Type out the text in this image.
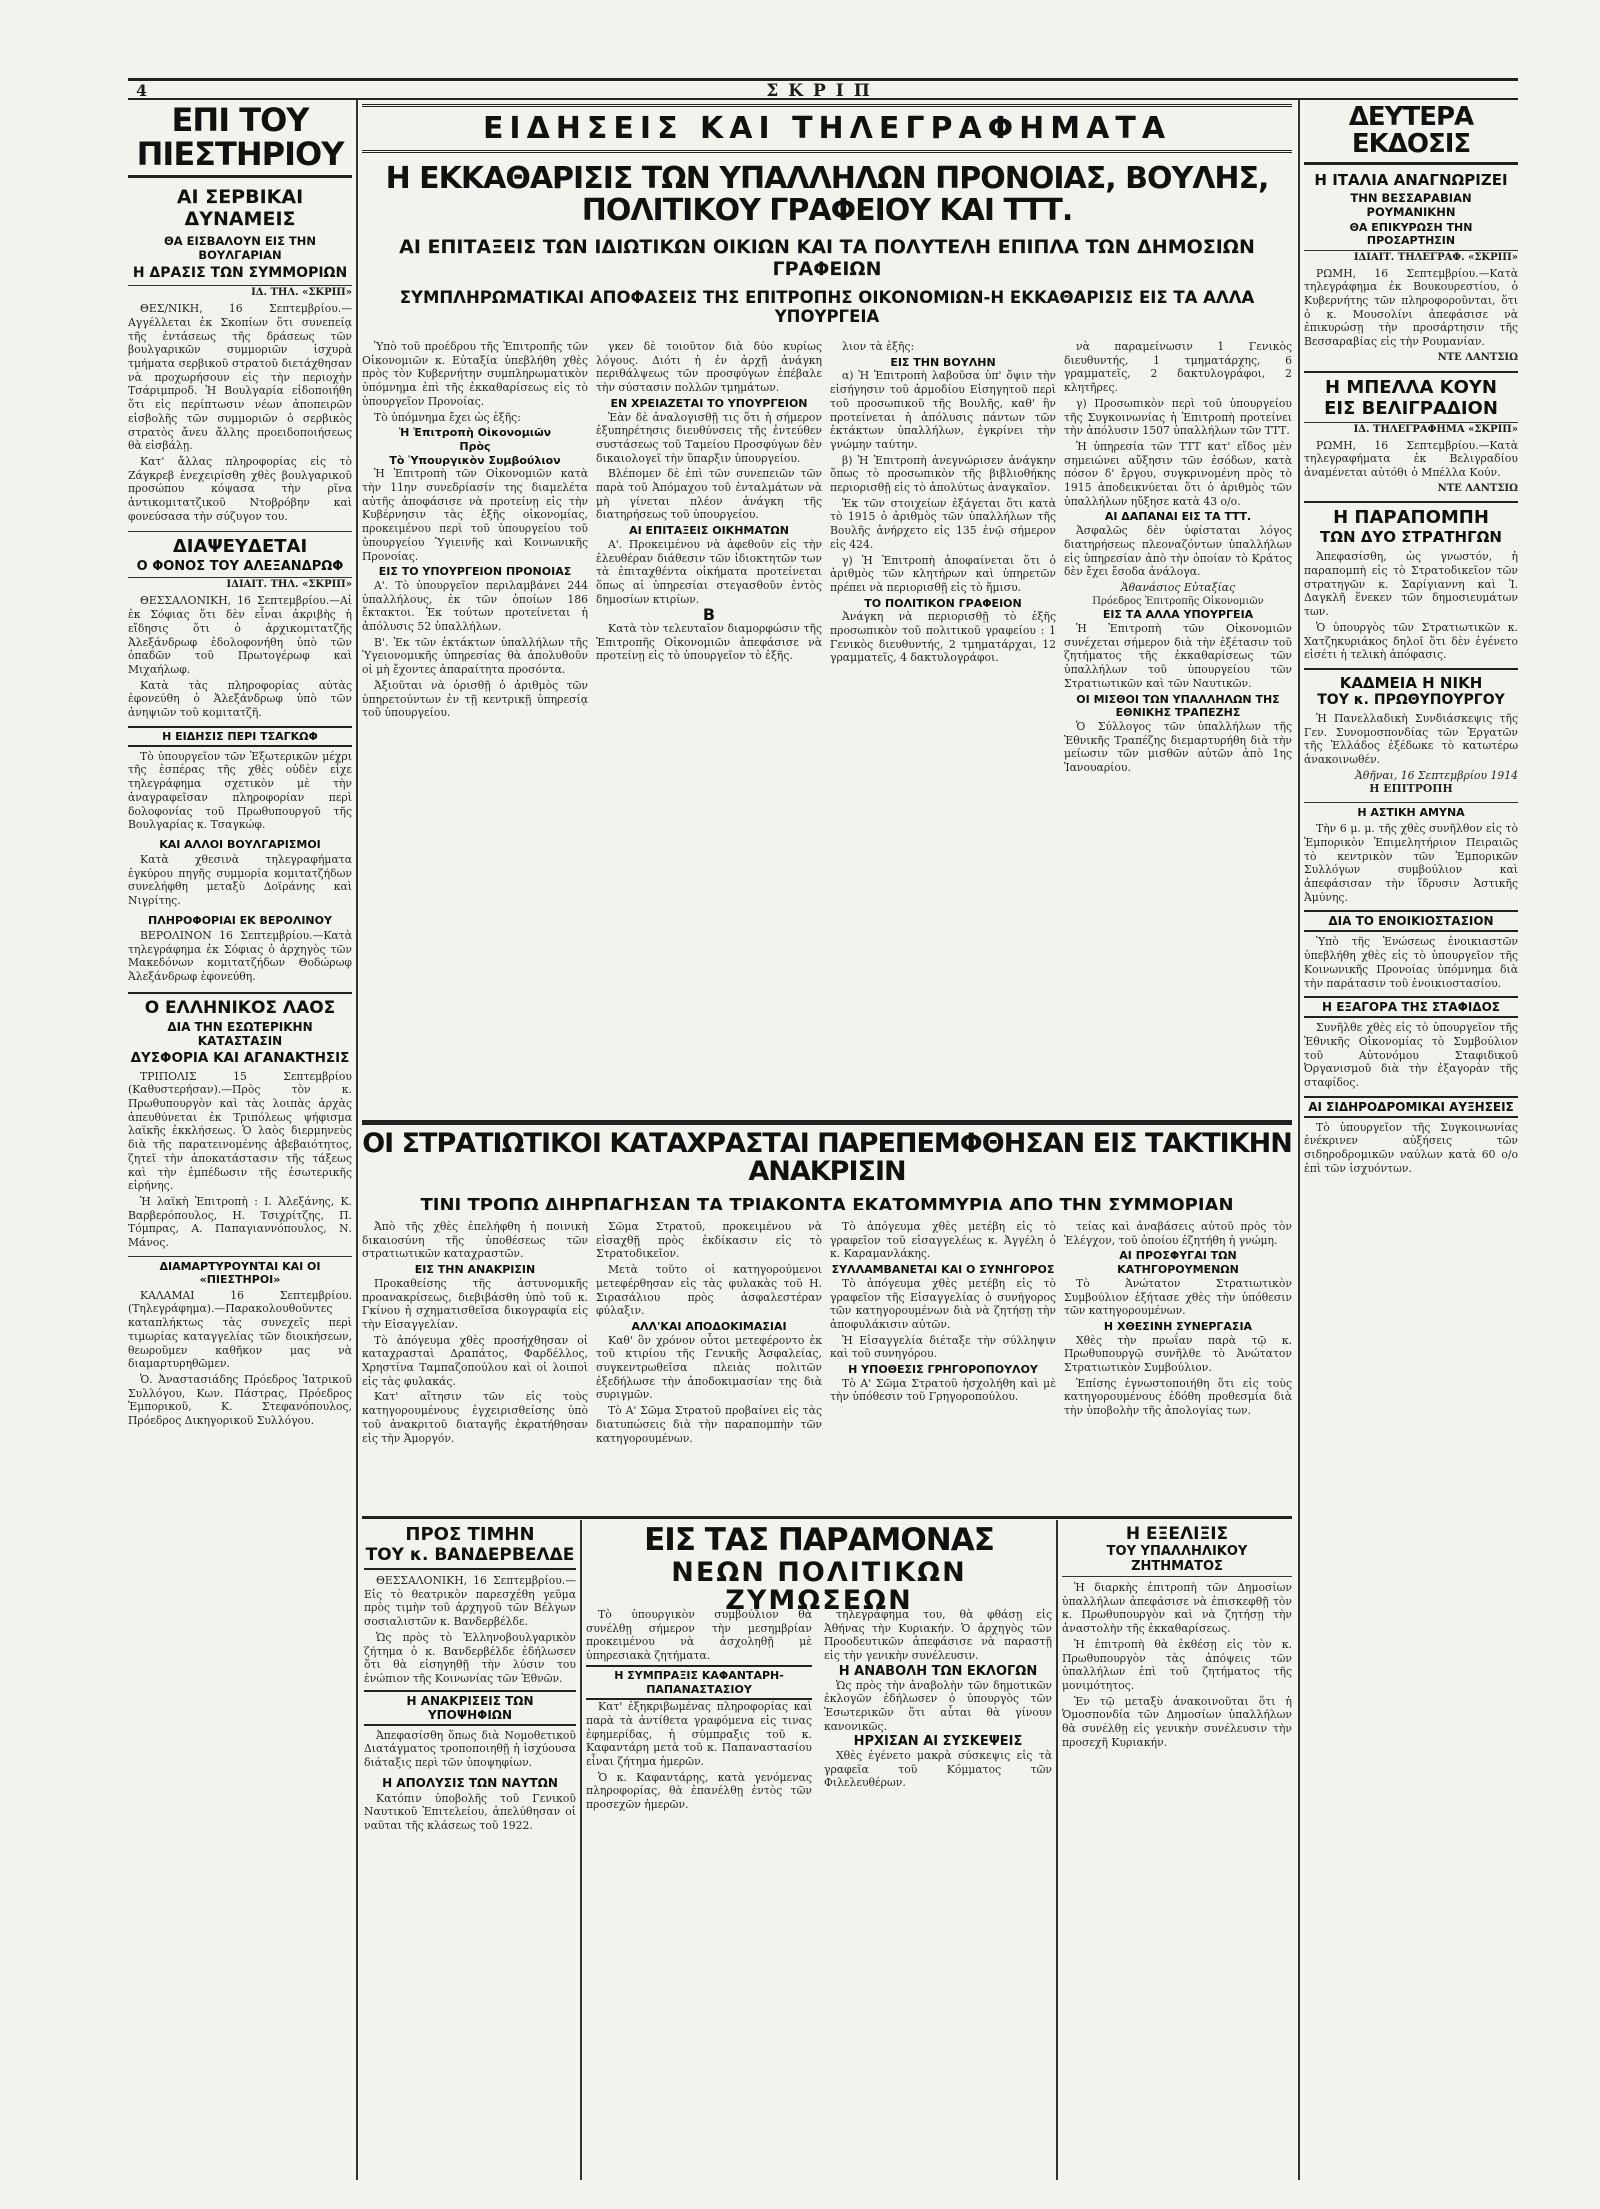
4	ΣΚΡΙΠ
ΕΠΙ ΤΟΥ ΠΙΕΣΤΗΡΙΟΥ
ΑΙ ΣΕΡΒΙΚΑΙ ΔΥΝΑΜΕΙΣ
ΘΑ ΕΙΣΒΑΛΟΥΝ ΕΙΣ ΤΗΝ ΒΟΥΛΓΑΡΙΑΝ
Η ΔΡΑΣΙΣ ΤΩΝ ΣΥΜΜΟΡΙΩΝ
ΙΔ. ΤΗΛ. «ΣΚΡΙΠ»

ΘΕΣ/ΝΙΚΗ, 16 Σεπτεμβρίου.—Αγγέλλεται ἐκ Σκοπίων ὅτι συνεπείᾳ τῆς ἐντάσεως τῆς δράσεως τῶν βουλγαρικῶν συμμοριῶν ἰσχυρὰ τμήματα σερβικοῦ στρατοῦ διετάχθησαν νὰ προχωρήσουν εἰς τὴν περιοχὴν Τσάριμπροδ. Ἡ Βουλγαρία εἰδοποιήθη ὅτι εἰς περίπτωσιν νέων ἀποπειρῶν εἰσβολῆς τῶν συμμοριῶν ὁ σερβικὸς στρατὸς ἄνευ ἄλλης προειδοποιήσεως θὰ εἰσβάλῃ.

Κατ' ἄλλας πληροφορίας εἰς τὸ Ζάγκρεβ ἐνεχειρίσθη χθὲς βουλγαρικοῦ προσώπου κόψασα τὴν ρῖνα ἀντικομιτατζικοῦ Ντοβρόβην καὶ φονεύσασα τὴν σύζυγον του.

ΔΙΑΨΕΥΔΕΤΑΙ
Ο ΦΟΝΟΣ ΤΟΥ ΑΛΕΞΑΝΔΡΩΦ
ΙΔΙΑΙΤ. ΤΗΛ. «ΣΚΡΙΠ»

ΘΕΣΣΑΛΟΝΙΚΗ, 16 Σεπτεμβρίου.—Αἱ ἐκ Σόφιας ὅτι δὲν εἶναι ἀκριβὴς ἡ εἴδησις ὅτι ὁ ἀρχικομιτατζῆς Ἀλεξάνδρωφ ἐδολοφονήθη ὑπὸ τῶν ὁπαδῶν τοῦ Πρωτογέρωφ καὶ Μιχαήλωφ.

Κατὰ τὰς πληροφορίας αὐτὰς ἐφονεύθη ὁ Ἀλεξάνδρωφ ὑπὸ τῶν ἀνηψιῶν τοῦ κομιτατζῆ.

Η ΕΙΔΗΣΙΣ ΠΕΡΙ ΤΣΑΓΚΩΦ

Τὸ ὑπουργεῖον τῶν Ἐξωτερικῶν μέχρι τῆς ἑσπέρας τῆς χθὲς οὐδὲν εἶχε τηλεγράφημα σχετικὸν μὲ τὴν ἀναγραφεῖσαν πληροφορίαν περὶ δολοφονίας τοῦ Πρωθυπουργοῦ τῆς Βουλγαρίας κ. Τσαγκώφ.

ΚΑΙ ΑΛΛΟΙ ΒΟΥΛΓΑΡΙΣΜΟΙ

Κατὰ χθεσινὰ τηλεγραφήματα ἐγκύρου πηγῆς συμμορία κομιτατζήδων συνελήφθη μεταξὺ Δοϊράνης καὶ Νιγρίτης.

ΠΛΗΡΟΦΟΡΙΑΙ ΕΚ ΒΕΡΟΛΙΝΟΥ

ΒΕΡΟΛΙΝΟΝ 16 Σεπτεμβρίου.—Κατὰ τηλεγράφημα ἐκ Σόφιας ὁ ἀρχηγὸς τῶν Μακεδόνων κομιτατζήδων Θοδώρωφ Ἀλεξάνδρωφ ἐφονεύθη.

Ο ΕΛΛΗΝΙΚΟΣ ΛΑΟΣ
ΔΙΑ ΤΗΝ ΕΣΩΤΕΡΙΚΗΝ ΚΑΤΑΣΤΑΣΙΝ
ΔΥΣΦΟΡΙΑ ΚΑΙ ΑΓΑΝΑΚΤΗΣΙΣ

ΤΡΙΠΟΛΙΣ 15 Σεπτεμβρίου (Καθυστερήσαν).—Πρὸς τὸν κ. Πρωθυπουργὸν καὶ τὰς λοιπὰς ἀρχὰς ἀπευθύνεται ἐκ Τριπόλεως ψήφισμα λαϊκῆς ἐκκλήσεως. Ὁ λαὸς διερμηνεὺς διὰ τῆς παρατεινομένης ἀβεβαιότητος, ζητεῖ τὴν ἀποκατάστασιν τῆς τάξεως καὶ τὴν ἐμπέδωσιν τῆς ἐσωτερικῆς εἰρήνης.

Ἡ λαϊκὴ Ἐπιτροπὴ : Ι. Ἀλεξάνης, Κ. Βαρβερόπουλος, Η. Τσιχρίτζης, Π. Τόμπρας, Α. Παπαγιαννόπουλος, Ν. Μάνος.

ΔΙΑΜΑΡΤΥΡΟΥΝΤΑΙ ΚΑΙ ΟΙ «ΠΙΕΣΤΗΡΟΙ»

ΚΑΛΑΜΑΙ 16 Σεπτεμβρίου. (Τηλεγράφημα).—Παρακολουθοῦντες καταπλήκτως τὰς συνεχεῖς περὶ τιμωρίας καταγγελίας τῶν διοικήσεων, θεωροῦμεν καθῆκον μας νὰ διαμαρτυρηθῶμεν.

Ὁ. Ἀναστασιάδης Πρόεδρος Ἰατρικοῦ Συλλόγου, Κων. Πάστρας, Πρόεδρος Ἐμπορικοῦ, Κ. Στεφανόπουλος, Πρόεδρος Δικηγορικοῦ Συλλόγου.

ΕΙΔΗΣΕΙΣ ΚΑΙ ΤΗΛΕΓΡΑΦΗΜΑΤΑ
Η ΕΚΚΑΘΑΡΙΣΙΣ ΤΩΝ ΥΠΑΛΛΗΛΩΝ ΠΡΟΝΟΙΑΣ, ΒΟΥΛΗΣ, ΠΟΛΙΤΙΚΟΥ ΓΡΑΦΕΙΟΥ ΚΑΙ ΤΤΤ.
ΑΙ ΕΠΙΤΑΞΕΙΣ ΤΩΝ ΙΔΙΩΤΙΚΩΝ ΟΙΚΙΩΝ ΚΑΙ ΤΑ ΠΟΛΥΤΕΛΗ ΕΠΙΠΛΑ ΤΩΝ ΔΗΜΟΣΙΩΝ ΓΡΑΦΕΙΩΝ
ΣΥΜΠΛΗΡΩΜΑΤΙΚΑΙ ΑΠΟΦΑΣΕΙΣ ΤΗΣ ΕΠΙΤΡΟΠΗΣ ΟΙΚΟΝΟΜΙΩΝ-Η ΕΚΚΑΘΑΡΙΣΙΣ ΕΙΣ ΤΑ ΑΛΛΑ ΥΠΟΥΡΓΕΙΑ

Ὑπὸ τοῦ προέδρου τῆς Ἐπιτροπῆς τῶν Οἰκονομιῶν κ. Εὐταξία ὑπεβλήθη χθὲς πρὸς τὸν Κυβερνήτην συμπληρωματικὸν ὑπόμνημα ἐπὶ τῆς ἐκκαθαρίσεως εἰς τὸ ὑπουργεῖον Προνοίας.

Τὸ ὑπόμνημα ἔχει ὡς ἑξῆς:

Ἡ Ἐπιτροπὴ Οἰκονομιῶν
Πρὸς
Τὸ Ὑπουργικὸν Συμβούλιον

Ἡ Ἐπιτροπὴ τῶν Οἰκονομιῶν κατὰ τὴν 11ην συνεδρίασίν της διαμελέτα αὐτῆς ἀποφάσισε νὰ προτείνῃ εἰς τὴν Κυβέρνησιν τὰς ἑξῆς οἰκονομίας, προκειμένου περὶ τοῦ ὑπουργείου τοῦ ὑπουργείου Ὑγιεινῆς καὶ Κοινωνικῆς Προνοίας.

ΕΙΣ ΤΟ ΥΠΟΥΡΓΕΙΟΝ ΠΡΟΝΟΙΑΣ

Α'. Τὸ ὑπουργεῖον περιλαμβάνει 244 ὑπαλλήλους, ἐκ τῶν ὁποίων 186 ἔκτακτοι. Ἐκ τούτων προτείνεται ἡ ἀπόλυσις 52 ὑπαλλήλων.

Β'. Ἐκ τῶν ἐκτάκτων ὑπαλλήλων τῆς Ὑγειονομικῆς ὑπηρεσίας θὰ ἀπολυθοῦν οἱ μὴ ἔχοντες ἀπαραίτητα προσόντα.

Ἀξιοῦται νὰ ὁρισθῇ ὁ ἀριθμὸς τῶν ὑπηρετούντων ἐν τῇ κεντρικῇ ὑπηρεσίᾳ τοῦ ὑπουργείου.

γκεν δὲ τοιοῦτον διὰ δύο κυρίως λόγους. Διότι ἡ ἐν ἀρχῇ ἀνάγκη περιθάλψεως τῶν προσφύγων ἐπέβαλε τὴν σύστασιν πολλῶν τμημάτων.

ΕΝ ΧΡΕΙΑΖΕΤΑΙ ΤΟ ΥΠΟΥΡΓΕΙΟΝ

Ἐὰν δὲ ἀναλογισθῇ τις ὅτι ἡ σήμερον ἐξυπηρέτησις διευθύνσεις τῆς ἐντεύθεν συστάσεως τοῦ Ταμείου Προσφύγων δὲν δικαιολογεῖ τὴν ὕπαρξιν ὑπουργείου.

Βλέπομεν δὲ ἐπὶ τῶν συνεπειῶν τῶν παρὰ τοῦ Ἀπόμαχου τοῦ ἐνταλμάτων νὰ μὴ γίνεται πλέον ἀνάγκη τῆς διατηρήσεως τοῦ ὑπουργείου.

ΑΙ ΕΠΙΤΑΞΕΙΣ ΟΙΚΗΜΑΤΩΝ

Α'. Προκειμένου νὰ ἀφεθοῦν εἰς τὴν ἐλευθέραν διάθεσιν τῶν ἰδιοκτητῶν των τὰ ἐπιταχθέντα οἰκήματα προτείνεται ὅπως αἱ ὑπηρεσίαι στεγασθοῦν ἐντὸς δημοσίων κτιρίων.

Β

Κατὰ τὸν τελευταῖον διαμορφώσιν τῆς Ἐπιτροπῆς Οἰκονομιῶν ἀπεφάσισε νὰ προτείνῃ εἰς τὸ ὑπουργεῖον τὸ ἐξῆς.

λιον τὰ ἑξῆς:

ΕΙΣ ΤΗΝ ΒΟΥΛΗΝ

α) Ἡ Ἐπιτροπὴ λαβοῦσα ὑπ' ὄψιν τὴν εἰσήγησιν τοῦ ἁρμοδίου Εἰσηγητοῦ περὶ τοῦ προσωπικοῦ τῆς Βουλῆς, καθ' ἣν προτείνεται ἡ ἀπόλυσις πάντων τῶν ἐκτάκτων ὑπαλλήλων, ἐγκρίνει τὴν γνώμην ταύτην.

β) Ἡ Ἐπιτροπὴ ἀνεγνώρισεν ἀνάγκην ὅπως τὸ προσωπικὸν τῆς βιβλιοθήκης περιορισθῇ εἰς τὸ ἀπολύτως ἀναγκαῖον.

Ἐκ τῶν στοιχείων ἐξάγεται ὅτι κατὰ τὸ 1915 ὁ ἀριθμὸς τῶν ὑπαλλήλων τῆς Βουλῆς ἀνήρχετο εἰς 135 ἐνῷ σήμερον εἰς 424.

γ) Ἡ Ἐπιτροπὴ ἀποφαίνεται ὅτι ὁ ἀριθμὸς τῶν κλητήρων καὶ ὑπηρετῶν πρέπει νὰ περιορισθῇ εἰς τὸ ἥμισυ.

ΤΟ ΠΟΛΙΤΙΚΟΝ ΓΡΑΦΕΙΟΝ

Ἀνάγκη νὰ περιορισθῇ τὸ ἐξῆς προσωπικὸν τοῦ πολιτικοῦ γραφείου : 1 Γενικὸς διευθυντής, 2 τμηματάρχαι, 12 γραμματεῖς, 4 δακτυλογράφοι.

νὰ παραμείνωσιν 1 Γενικὸς διευθυντής, 1 τμηματάρχης, 6 γραμματεῖς, 2 δακτυλογράφοι, 2 κλητῆρες.

γ) Προσωπικὸν περὶ τοῦ ὑπουργείου τῆς Συγκοινωνίας ἡ Ἐπιτροπὴ προτείνει τὴν ἀπόλυσιν 1507 ὑπαλλήλων τῶν ΤΤΤ.

Ἡ ὑπηρεσία τῶν ΤΤΤ κατ' εἴδος μὲν σημειώνει αὔξησιν τῶν ἐσόδων, κατὰ πόσον δ' ἔργου, συγκρινομένη πρὸς τὸ 1915 ἀποδεικνύεται ὅτι ὁ ἀριθμὸς τῶν ὑπαλλήλων ηὔξησε κατὰ 43 ο/ο.

ΑΙ ΔΑΠΑΝΑΙ ΕΙΣ ΤΑ ΤΤΤ.

Ἀσφαλῶς δὲν ὑφίσταται λόγος διατηρήσεως πλεοναζόντων ὑπαλλήλων εἰς ὑπηρεσίαν ἀπὸ τὴν ὁποίαν τὸ Κράτος δὲν ἔχει ἔσοδα ἀνάλογα.

Ἀθανάσιος Εὐταξίας
Πρόεδρος Ἐπιτροπῆς Οἰκονομιῶν
ΕΙΣ ΤΑ ΑΛΛΑ ΥΠΟΥΡΓΕΙΑ

Ἡ Ἐπιτροπὴ τῶν Οἰκονομιῶν συνέχεται σήμερον διὰ τὴν ἐξέτασιν τοῦ ζητήματος τῆς ἐκκαθαρίσεως τῶν ὑπαλλήλων τοῦ ὑπουργείου τῶν Στρατιωτικῶν καὶ τῶν Ναυτικῶν.

ΟΙ ΜΙΣΘΟΙ ΤΩΝ ΥΠΑΛΛΗΛΩΝ ΤΗΣ ΕΘΝΙΚΗΣ ΤΡΑΠΕΖΗΣ

Ὁ Σύλλογος τῶν ὑπαλλήλων τῆς Ἐθνικῆς Τραπέζης διεμαρτυρήθη διὰ τὴν μείωσιν τῶν μισθῶν αὐτῶν ἀπὸ 1ης Ἰανουαρίου.

ΟΙ ΣΤΡΑΤΙΩΤΙΚΟΙ ΚΑΤΑΧΡΑΣΤΑΙ ΠΑΡΕΠΕΜΦΘΗΣΑΝ ΕΙΣ ΤΑΚΤΙΚΗΝ ΑΝΑΚΡΙΣΙΝ
ΤΙΝΙ ΤΡΟΠΩ ΔΙΗΡΠΑΓΗΣΑΝ ΤΑ ΤΡΙΑΚΟΝΤΑ ΕΚΑΤΟΜΜΥΡΙΑ ΑΠΟ ΤΗΝ ΣΥΜΜΟΡΙΑΝ

Ἀπὸ τῆς χθὲς ἐπελήφθη ἡ ποινικὴ δικαιοσύνη τῆς ὑποθέσεως τῶν στρατιωτικῶν καταχραστῶν.

ΕΙΣ ΤΗΝ ΑΝΑΚΡΙΣΙΝ

Προκαθείσης τῆς ἀστυνομικῆς προανακρίσεως, διεβιβάσθη ὑπὸ τοῦ κ. Γκίνου ἡ σχηματισθεῖσα δικογραφία εἰς τὴν Εἰσαγγελίαν.

Τὸ ἀπόγευμα χθὲς προσήχθησαν οἱ καταχρασταὶ Δραπάτος, Φαρδέλλος, Χρηστίνα Ταμπαζοπούλου καὶ οἱ λοιποὶ εἰς τὰς φυλακάς.

Κατ' αἴτησιν τῶν εἰς τοὺς κατηγορουμένους ἐγχειρισθείσης ὑπὸ τοῦ ἀνακριτοῦ διαταγῆς ἐκρατήθησαν εἰς τὴν Ἀμοργόν.

Σῶμα Στρατοῦ, προκειμένου νὰ εἰσαχθῇ πρὸς ἐκδίκασιν εἰς τὸ Στρατοδικεῖον.

Μετὰ τοῦτο οἱ κατηγορούμενοι μετεφέρθησαν εἰς τὰς φυλακὰς τοῦ Η. Σιρασάλιου πρὸς ἀσφαλεστέραν φύλαξιν.

ΑΛΛ'ΚΑΙ ΑΠΟΔΟΚΙΜΑΣΙΑΙ

Καθ' ὃν χρόνον οὗτοι μετεφέροντο ἐκ τοῦ κτιρίου τῆς Γενικῆς Ἀσφαλείας, συγκεντρωθεῖσα πλειὰς πολιτῶν ἐξεδήλωσε τὴν ἀποδοκιμασίαν της διὰ συριγμῶν.

Τὸ Α' Σῶμα Στρατοῦ προβαίνει εἰς τὰς διατυπώσεις διὰ τὴν παραπομπὴν τῶν κατηγορουμένων.

Τὸ ἀπόγευμα χθὲς μετέβη εἰς τὸ γραφεῖον τοῦ εἰσαγγελέως κ. Ἀγγέλη ὁ κ. Καραμανλάκης.

ΣΥΛΛΑΜΒΑΝΕΤΑΙ ΚΑΙ Ο ΣΥΝΗΓΟΡΟΣ

Τὸ ἀπόγευμα χθὲς μετέβη εἰς τὸ γραφεῖον τῆς Εἰσαγγελίας ὁ συνήγορος τῶν κατηγορουμένων διὰ νὰ ζητήσῃ τὴν ἀποφυλάκισιν αὐτῶν.

Ἡ Εἰσαγγελία διέταξε τὴν σύλληψιν καὶ τοῦ συνηγόρου.

Η ΥΠΟΘΕΣΙΣ ΓΡΗΓΟΡΟΠΟΥΛΟΥ

Τὸ Α' Σῶμα Στρατοῦ ἠσχολήθη καὶ μὲ τὴν ὑπόθεσιν τοῦ Γρηγοροπούλου.

τείας καὶ ἀναβάσεις αὐτοῦ πρὸς τὸν Ἐλέγχον, τοῦ ὁποίου ἐζητήθη ἡ γνώμη.

ΑΙ ΠΡΟΣΦΥΓΑΙ ΤΩΝ ΚΑΤΗΓΟΡΟΥΜΕΝΩΝ

Τὸ Ἀνώτατον Στρατιωτικὸν Συμβούλιον ἐξήτασε χθὲς τὴν ὑπόθεσιν τῶν κατηγορουμένων.

Η ΧΘΕΣΙΝΗ ΣΥΝΕΡΓΑΣΙΑ

Χθὲς τὴν πρωΐαν παρὰ τῷ κ. Πρωθυπουργῷ συνῆλθε τὸ Ἀνώτατον Στρατιωτικὸν Συμβούλιον.

Ἐπίσης ἐγνωστοποιήθη ὅτι εἰς τοὺς κατηγορουμένους ἐδόθη προθεσμία διὰ τὴν ὑποβολὴν τῆς ἀπολογίας των.

ΠΡΟΣ ΤΙΜΗΝ
ΤΟΥ κ. ΒΑΝΔΕΡΒΕΛΔΕ

ΘΕΣΣΑΛΟΝΙΚΗ, 16 Σεπτεμβρίου.—Εἰς τὸ θεατρικὸν παρεσχέθη γεῦμα πρὸς τιμὴν τοῦ ἀρχηγοῦ τῶν Βέλγων σοσιαλιστῶν κ. Βανδερβέλδε.

Ὡς πρὸς τὸ Ἐλληνοβουλγαρικὸν ζήτημα ὁ κ. Βανδερβέλδε ἐδήλωσεν ὅτι θὰ εἰσηγηθῇ τὴν λύσιν του ἐνώπιον τῆς Κοινωνίας τῶν Ἐθνῶν.

Η ΑΝΑΚΡΙΣΕΙΣ ΤΩΝ ΥΠΟΨΗΦΙΩΝ

Ἀπεφασίσθη ὅπως διὰ Νομοθετικοῦ Διατάγματος τροποποιηθῇ ἡ ἰσχύουσα διάταξις περὶ τῶν ὑποψηφίων.

Η ΑΠΟΛΥΣΙΣ ΤΩΝ ΝΑΥΤΩΝ

Κατόπιν ὑποβολῆς τοῦ Γενικοῦ Ναυτικοῦ Ἐπιτελείου, ἀπελύθησαν οἱ ναῦται τῆς κλάσεως τοῦ 1922.

ΕΙΣ ΤΑΣ ΠΑΡΑΜΟΝΑΣ
ΝΕΩΝ ΠΟΛΙΤΙΚΩΝ ΖΥΜΩΣΕΩΝ

Τὸ ὑπουργικὸν συμβούλιον θὰ συνέλθῃ σήμερον τὴν μεσημβρίαν προκειμένου νὰ ἀσχοληθῇ μὲ ὑπηρεσιακὰ ζητήματα.

Η ΣΥΜΠΡΑΞΙΣ ΚΑΦΑΝΤΑΡΗ-ΠΑΠΑΝΑΣΤΑΣΙΟΥ

Κατ' ἐξηκριβωμένας πληροφορίας καὶ παρὰ τὰ ἀντίθετα γραφόμενα εἰς τινας ἐφημερίδας, ἡ σύμπραξις τοῦ κ. Καφαντάρη μετὰ τοῦ κ. Παπαναστασίου εἶναι ζήτημα ἡμερῶν.

Ὁ κ. Καφαντάρης, κατὰ γενόμενας πληροφορίας, θὰ ἐπανέλθῃ ἐντὸς τῶν προσεχῶν ἡμερῶν.

τηλεγράφημα του, θὰ φθάσῃ εἰς Ἀθήνας τὴν Κυριακήν. Ὁ ἀρχηγὸς τῶν Προοδευτικῶν ἀπεφάσισε νὰ παραστῇ εἰς τὴν γενικὴν συνέλευσιν.

Η ΑΝΑΒΟΛΗ ΤΩΝ ΕΚΛΟΓΩΝ

Ὡς πρὸς τὴν ἀναβολὴν τῶν δημοτικῶν ἐκλογῶν ἐδήλωσεν ὁ ὑπουργὸς τῶν Ἐσωτερικῶν ὅτι αὗται θὰ γίνουν κανονικῶς.

ΗΡΧΙΣΑΝ ΑΙ ΣΥΣΚΕΨΕΙΣ

Χθὲς ἐγένετο μακρὰ σύσκεψις εἰς τὰ γραφεῖα τοῦ Κόμματος τῶν Φιλελευθέρων.

Η ΕΞΕΛΙΞΙΣ
ΤΟΥ ΥΠΑΛΛΗΛΙΚΟΥ ΖΗΤΗΜΑΤΟΣ

Ἡ διαρκὴς ἐπιτροπὴ τῶν Δημοσίων ὑπαλλήλων ἀπεφάσισε νὰ ἐπισκεφθῇ τὸν κ. Πρωθυπουργὸν καὶ νὰ ζητήσῃ τὴν ἀναστολὴν τῆς ἐκκαθαρίσεως.

Ἡ ἐπιτροπὴ θὰ ἐκθέσῃ εἰς τὸν κ. Πρωθυπουργὸν τὰς ἀπόψεις τῶν ὑπαλλήλων ἐπὶ τοῦ ζητήματος τῆς μονιμότητος.

Ἐν τῷ μεταξὺ ἀνακοινοῦται ὅτι ἡ Ὁμοσπονδία τῶν Δημοσίων ὑπαλλήλων θὰ συνέλθῃ εἰς γενικὴν συνέλευσιν τὴν προσεχῆ Κυριακήν.

ΔΕΥΤΕΡΑ ΕΚΔΟΣΙΣ
Η ΙΤΑΛΙΑ ΑΝΑΓΝΩΡΙΖΕΙ
ΤΗΝ ΒΕΣΣΑΡΑΒΙΑΝ ΡΟΥΜΑΝΙΚΗΝ
ΘΑ ΕΠΙΚΥΡΩΣΗ ΤΗΝ ΠΡΟΣΑΡΤΗΣΙΝ
ΙΔΙΑΙΤ. ΤΗΛΕΓΡΑΦ. «ΣΚΡΙΠ»

ΡΩΜΗ, 16 Σεπτεμβρίου.—Κατὰ τηλεγράφημα ἐκ Βουκουρεστίου, ὁ Κυβερνήτης τῶν πληροφοροῦνται, ὅτι ὁ κ. Μουσολίνι ἀπεφάσισε νὰ ἐπικυρώσῃ τὴν προσάρτησιν τῆς Βεσσαραβίας εἰς τὴν Ρουμανίαν.

ΝΤΕ ΛΑΝΤΣΙΩ
Η ΜΠΕΛΛΑ ΚΟΥΝ
ΕΙΣ ΒΕΛΙΓΡΑΔΙΟΝ
ΙΔ. ΤΗΛΕΓΡΑΦΗΜΑ «ΣΚΡΙΠ»

ΡΩΜΗ, 16 Σεπτεμβρίου.—Κατὰ τηλεγραφήματα ἐκ Βελιγραδίου ἀναμένεται αὐτόθι ὁ Μπέλλα Κούν.

ΝΤΕ ΛΑΝΤΣΙΩ
Η ΠΑΡΑΠΟΜΠΗ
ΤΩΝ ΔΥΟ ΣΤΡΑΤΗΓΩΝ

Ἀπεφασίσθη, ὡς γνωστόν, ἡ παραπομπὴ εἰς τὸ Στρατοδικεῖον τῶν στρατηγῶν κ. Σαρίγιαννη καὶ Ἰ. Δαγκλῆ ἕνεκεν τῶν δημοσιευμάτων των.

Ὁ ὑπουργὸς τῶν Στρατιωτικῶν κ. Χατζηκυριάκος δηλοῖ ὅτι δὲν ἐγένετο εἰσέτι ἡ τελικὴ ἀπόφασις.

ΚΑΔΜΕΙΑ Η ΝΙΚΗ
ΤΟΥ κ. ΠΡΩΘΥΠΟΥΡΓΟΥ

Ἡ Πανελλαδικὴ Συνδιάσκεψις τῆς Γεν. Συνομοσπονδίας τῶν Ἐργατῶν τῆς Ἑλλάδος ἐξέδωκε τὸ κατωτέρω ἀνακοινωθέν.

Ἀθῆναι, 16 Σεπτεμβρίου 1914
Η ΕΠΙΤΡΟΠΗ
Η ΑΣΤΙΚΗ ΑΜΥΝΑ

Τὴν 6 μ. μ. τῆς χθὲς συνῆλθον εἰς τὸ Ἐμπορικὸν Ἐπιμελητήριον Πειραιῶς τὸ κεντρικὸν τῶν Ἐμπορικῶν Συλλόγων συμβούλιον καὶ ἀπεφάσισαν τὴν ἵδρυσιν Ἀστικῆς Ἀμύνης.

ΔΙΑ ΤΟ ΕΝΟΙΚΙΟΣΤΑΣΙΟΝ

Ὑπὸ τῆς Ἑνώσεως ἐνοικιαστῶν ὑπεβλήθη χθὲς εἰς τὸ ὑπουργεῖον τῆς Κοινωνικῆς Προνοίας ὑπόμνημα διὰ τὴν παράτασιν τοῦ ἐνοικιοστασίου.

Η ΕΞΑΓΟΡΑ ΤΗΣ ΣΤΑΦΙΔΟΣ

Συνῆλθε χθὲς εἰς τὸ ὑπουργεῖον τῆς Ἐθνικῆς Οἰκονομίας τὸ Συμβούλιον τοῦ Αὐτονόμου Σταφιδικοῦ Ὀργανισμοῦ διὰ τὴν ἐξαγορὰν τῆς σταφίδος.

ΑΙ ΣΙΔΗΡΟΔΡΟΜΙΚΑΙ ΑΥΞΗΣΕΙΣ

Τὸ ὑπουργεῖον τῆς Συγκοινωνίας ἐνέκρινεν αὐξήσεις τῶν σιδηροδρομικῶν ναύλων κατὰ 60 ο/ο ἐπὶ τῶν ἰσχυόντων.
